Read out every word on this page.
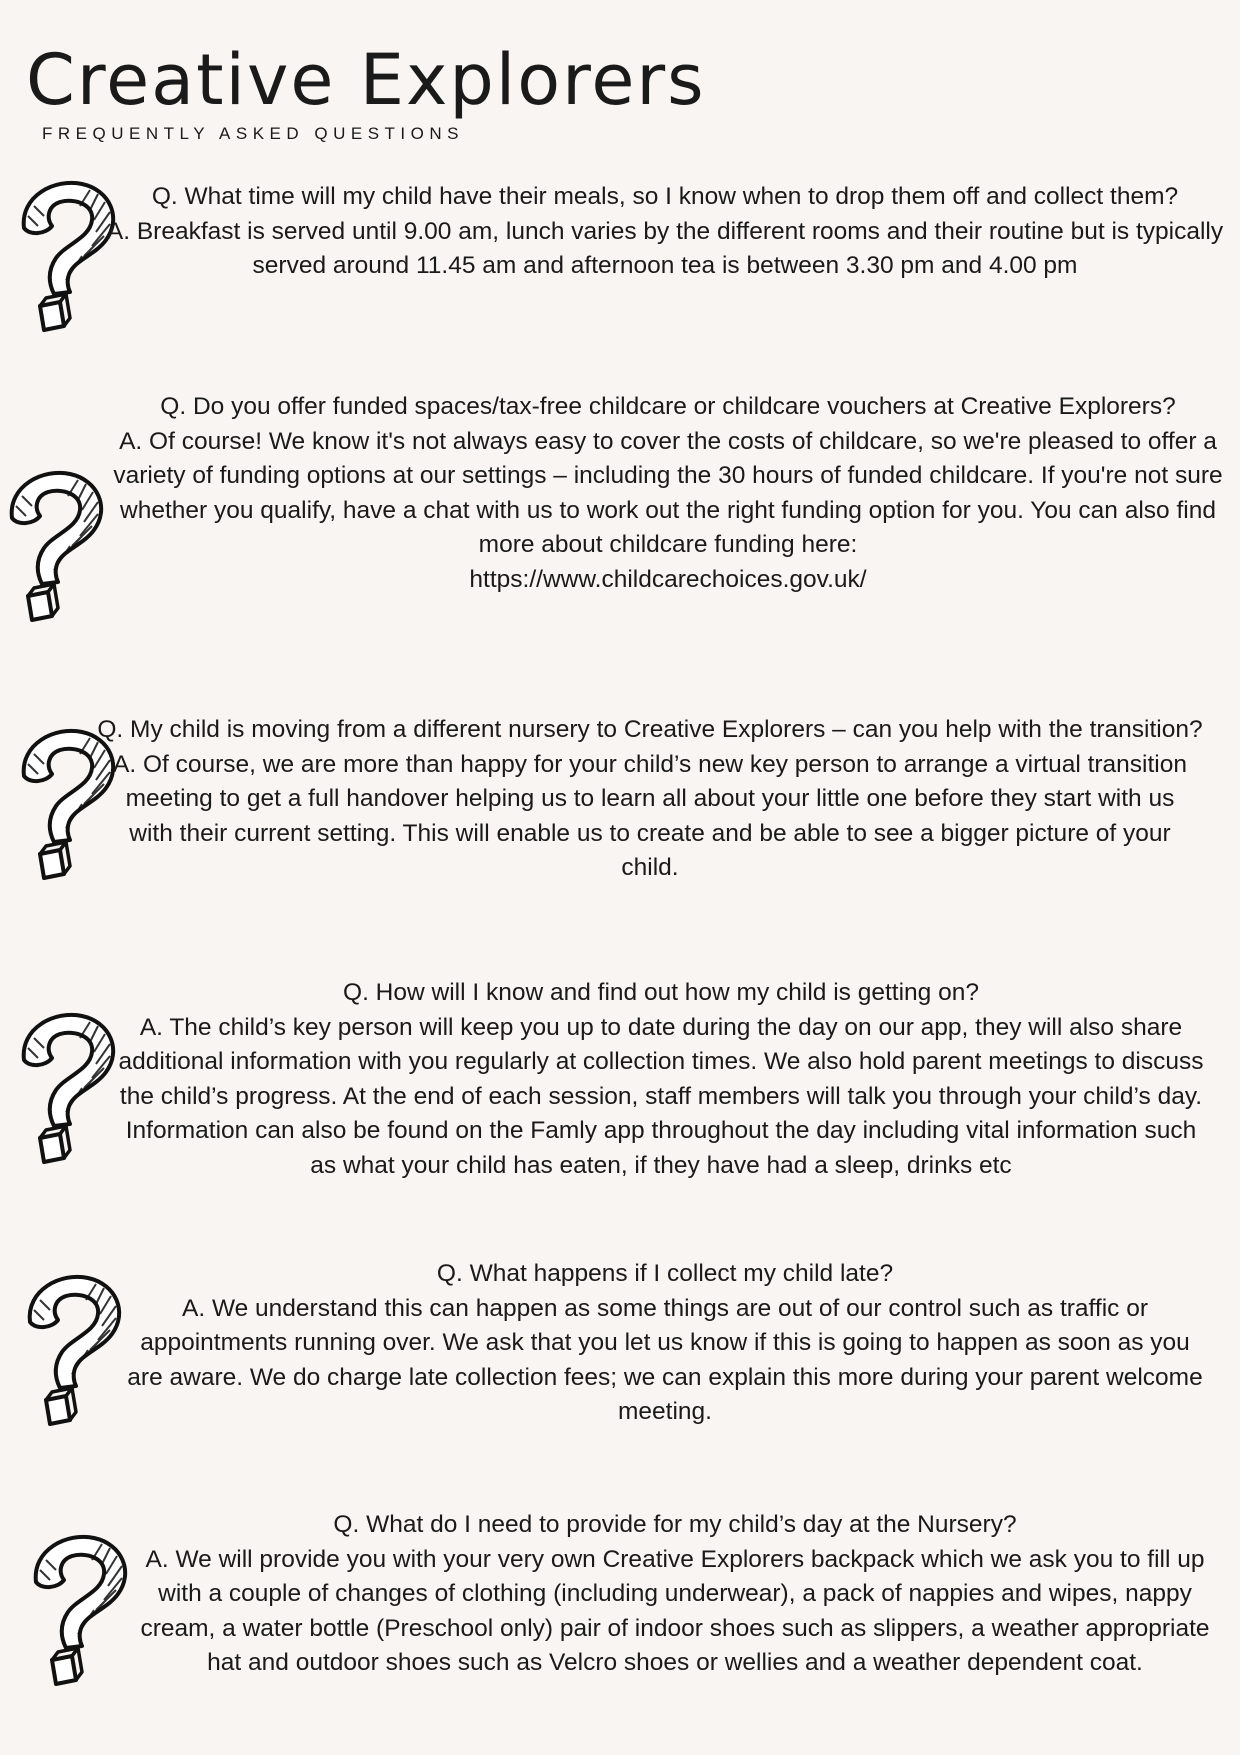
Creative Explorers
FREQUENTLY ASKED QUESTIONS

Q. What time will my child have their meals, so I know when to drop them off and collect them?

A. Breakfast is served until 9.00 am, lunch varies by the different rooms and their routine but is typically served around 11.45 am and afternoon tea is between 3.30 pm and 4.00 pm

Q. Do you offer funded spaces/tax-free childcare or childcare vouchers at Creative Explorers?

A. Of course! We know it's not always easy to cover the costs of childcare, so we're pleased to offer a variety of funding options at our settings – including the 30 hours of funded childcare. If you're not sure whether you qualify, have a chat with us to work out the right funding option for you. You can also find more about childcare funding here:

https://www.childcarechoices.gov.uk/

Q. My child is moving from a different nursery to Creative Explorers – can you help with the transition?

A. Of course, we are more than happy for your child’s new key person to arrange a virtual transition meeting to get a full handover helping us to learn all about your little one before they start with us with their current setting. This will enable us to create and be able to see a bigger picture of your child.

Q. How will I know and find out how my child is getting on?

A. The child’s key person will keep you up to date during the day on our app, they will also share additional information with you regularly at collection times. We also hold parent meetings to discuss the child’s progress. At the end of each session, staff members will talk you through your child’s day. Information can also be found on the Famly app throughout the day including vital information such as what your child has eaten, if they have had a sleep, drinks etc

Q. What happens if I collect my child late?

A. We understand this can happen as some things are out of our control such as traffic or appointments running over. We ask that you let us know if this is going to happen as soon as you are aware. We do charge late collection fees; we can explain this more during your parent welcome meeting.

Q. What do I need to provide for my child’s day at the Nursery?

A. We will provide you with your very own Creative Explorers backpack which we ask you to fill up with a couple of changes of clothing (including underwear), a pack of nappies and wipes, nappy cream, a water bottle (Preschool only) pair of indoor shoes such as slippers, a weather appropriate hat and outdoor shoes such as Velcro shoes or wellies and a weather dependent coat.
